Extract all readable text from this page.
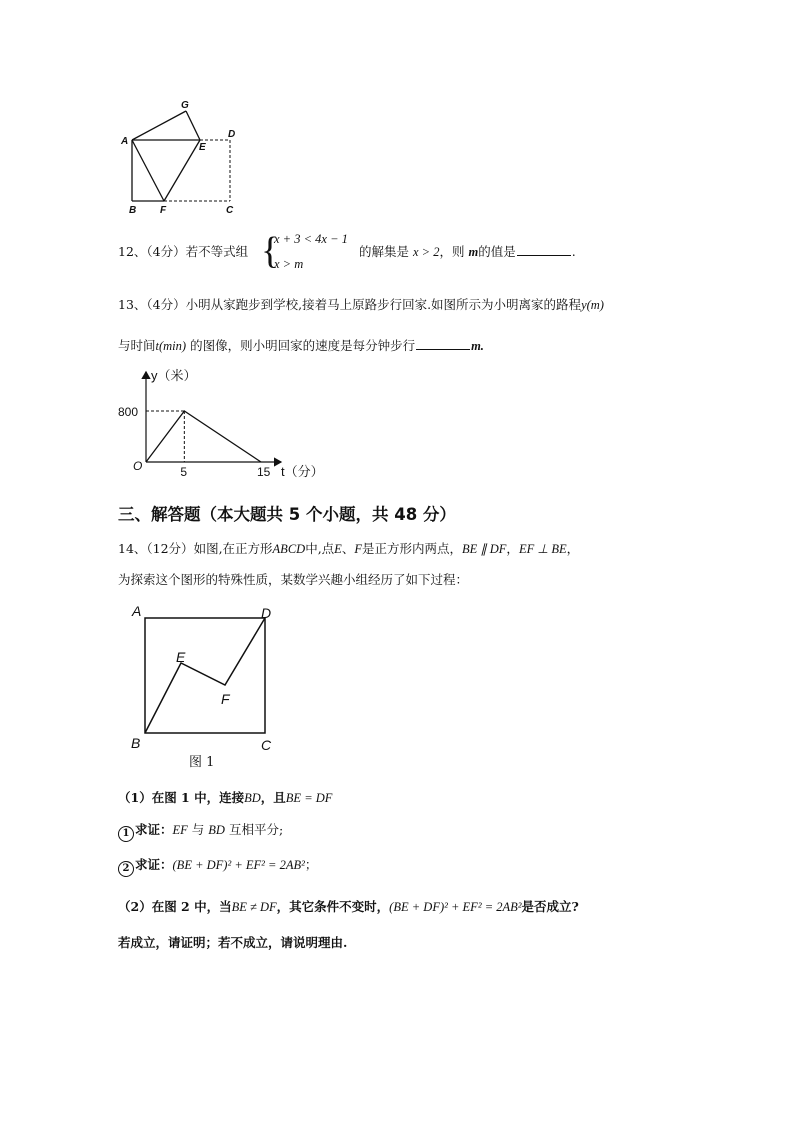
G
A
E
D
B F	C
12、（4分）若不等式组 {
x + 3 < 4x − 1
x > m
的解集是 x > 2，则 m的值是	.
13、（4分）小明从家跑步到学校,接着马上原路步行回家.如图所示为小明离家的路程y(m)
与时间t(min) 的图像，则小明回家的速度是每分钟步行	m.
y（米）
t（分）
O	5	15
800
三、解答题（本大题共 5 个小题，共 48 分）
14、（12分）如图,在正方形ABCD中,点E、F是正方形内两点，BE ∥ DF，EF ⊥ BE，
为探索这个图形的特殊性质，某数学兴趣小组经历了如下过程：
A	D
E
F
B	C
图 1
（1）在图 1 中，连接BD，且BE = DF
1 求证：EF 与 BD 互相平分;
2 求证：(BE + DF)² + EF² = 2AB²；
（2）在图 2 中，当BE ≠ DF，其它条件不变时，(BE + DF)² + EF² = 2AB²是否成立?
若成立，请证明；若不成立，请说明理由.
